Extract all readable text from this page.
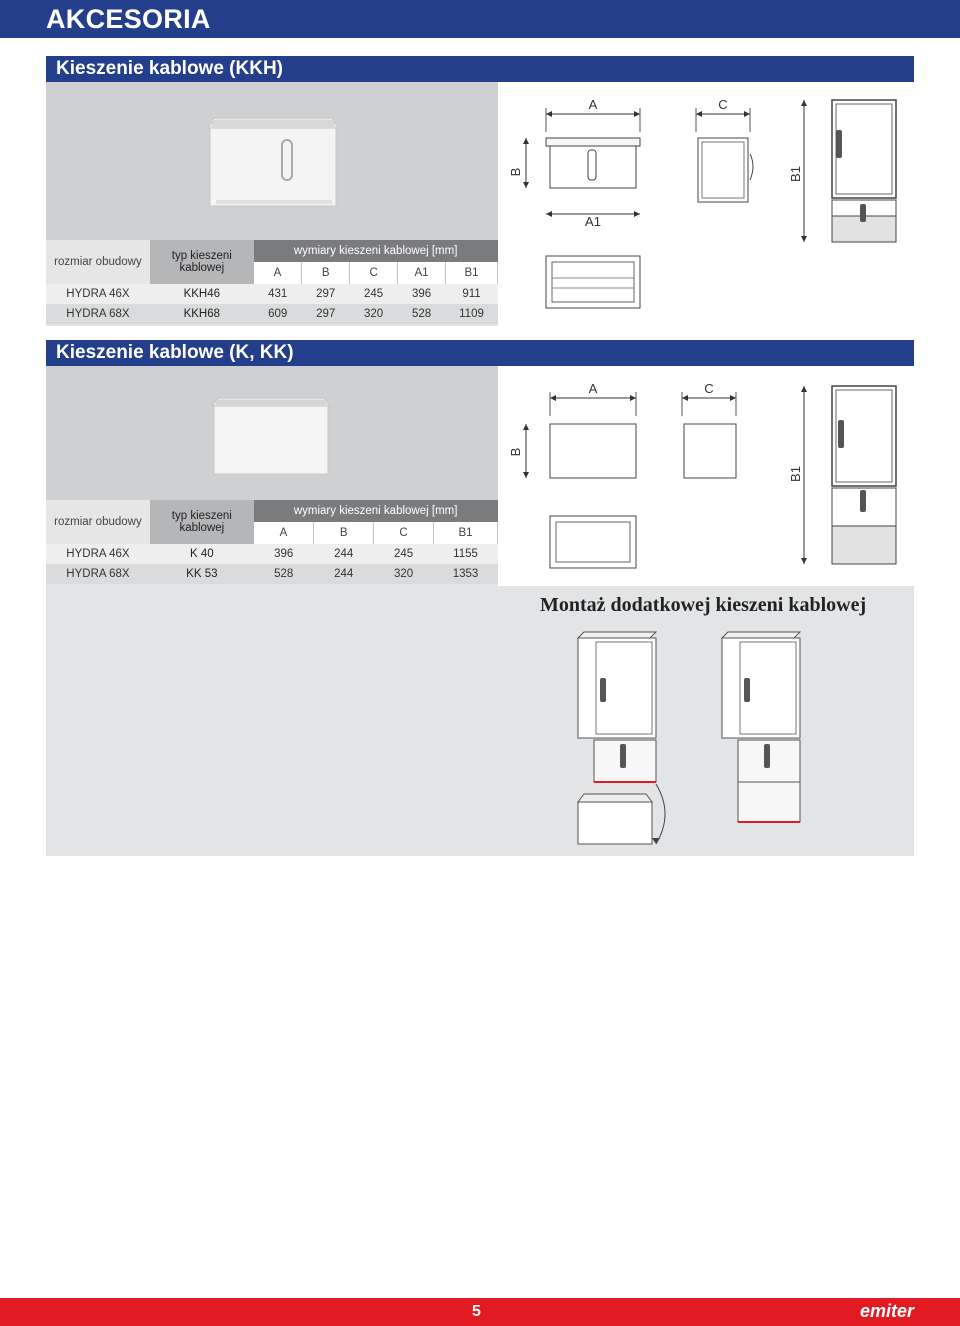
AKCESORIA
Kieszenie kablowe (KKH)
A
B
A1
C
B1
rozmiar obudowy	typ kieszeni kablowej	wymiary kieszeni kablowej [mm]				
		A	B	C	A1	B1
HYDRA 46X	KKH46	431	297	245	396	911
HYDRA 68X	KKH68	609	297	320	528	1109
Kieszenie kablowe (K, KK)
A
B
C
B1
rozmiar obudowy	typ kieszeni kablowej	wymiary kieszeni kablowej [mm]			
		A	B	C	B1
HYDRA 46X	K 40	396	244	245	1155
HYDRA 68X	KK 53	528	244	320	1353
Montaż dodatkowej kieszeni kablowej
5	emiter
